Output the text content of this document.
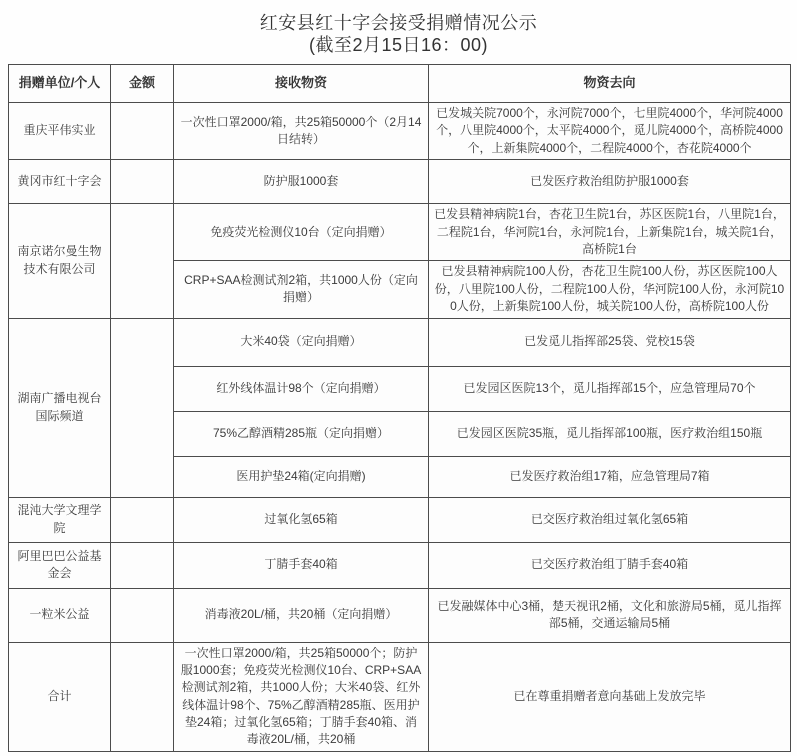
红安县红十字会接受捐赠情况公示
(截至2月15日16：00)
捐赠单位/个人	金额	接收物资	物资去向
重庆平伟实业		一次性口罩2000/箱，共25箱50000个（2月14日结转）	已发城关院7000个，永河院7000个，七里院4000个，华河院4000个，八里院4000个，太平院4000个，觅儿院4000个，高桥院4000个，上新集院4000个，二程院4000个，杏花院4000个
黄冈市红十字会		防护服1000套	已发医疗救治组防护服1000套
南京诺尔曼生物技术有限公司		免疫荧光检测仪10台（定向捐赠）	已发县精神病院1台，杏花卫生院1台，苏区医院1台，八里院1台，二程院1台，华河院1台，永河院1台，上新集院1台，城关院1台，高桥院1台
		CRP+SAA检测试剂2箱，共1000人份（定向捐赠）	已发县精神病院100人份，杏花卫生院100人份，苏区医院100人份，八里院100人份，二程院100人份，华河院100人份，永河院100人份，上新集院100人份，城关院100人份，高桥院100人份
湖南广播电视台国际频道		大米40袋（定向捐赠）	已发觅儿指挥部25袋、党校15袋
		红外线体温计98个（定向捐赠）	已发园区医院13个，觅儿指挥部15个，应急管理局70个
		75%乙醇酒精285瓶（定向捐赠）	已发园区医院35瓶，觅儿指挥部100瓶，医疗救治组150瓶
		医用护垫24箱(定向捐赠)	已发医疗救治组17箱，应急管理局7箱
混沌大学文理学院		过氧化氢65箱	已交医疗救治组过氧化氢65箱
阿里巴巴公益基金会		丁腈手套40箱	已交医疗救治组丁腈手套40箱
一粒米公益		消毒液20L/桶，共20桶（定向捐赠）	已发融媒体中心3桶，楚天视讯2桶，文化和旅游局5桶，觅儿指挥部5桶，交通运输局5桶
合计		一次性口罩2000/箱，共25箱50000个；防护服1000套；免疫荧光检测仪10台、CRP+SAA检测试剂2箱，共1000人份；大米40袋、红外线体温计98个、75%乙醇酒精285瓶、医用护垫24箱；过氧化氢65箱；丁腈手套40箱、消毒液20L/桶，共20桶	已在尊重捐赠者意向基础上发放完毕
